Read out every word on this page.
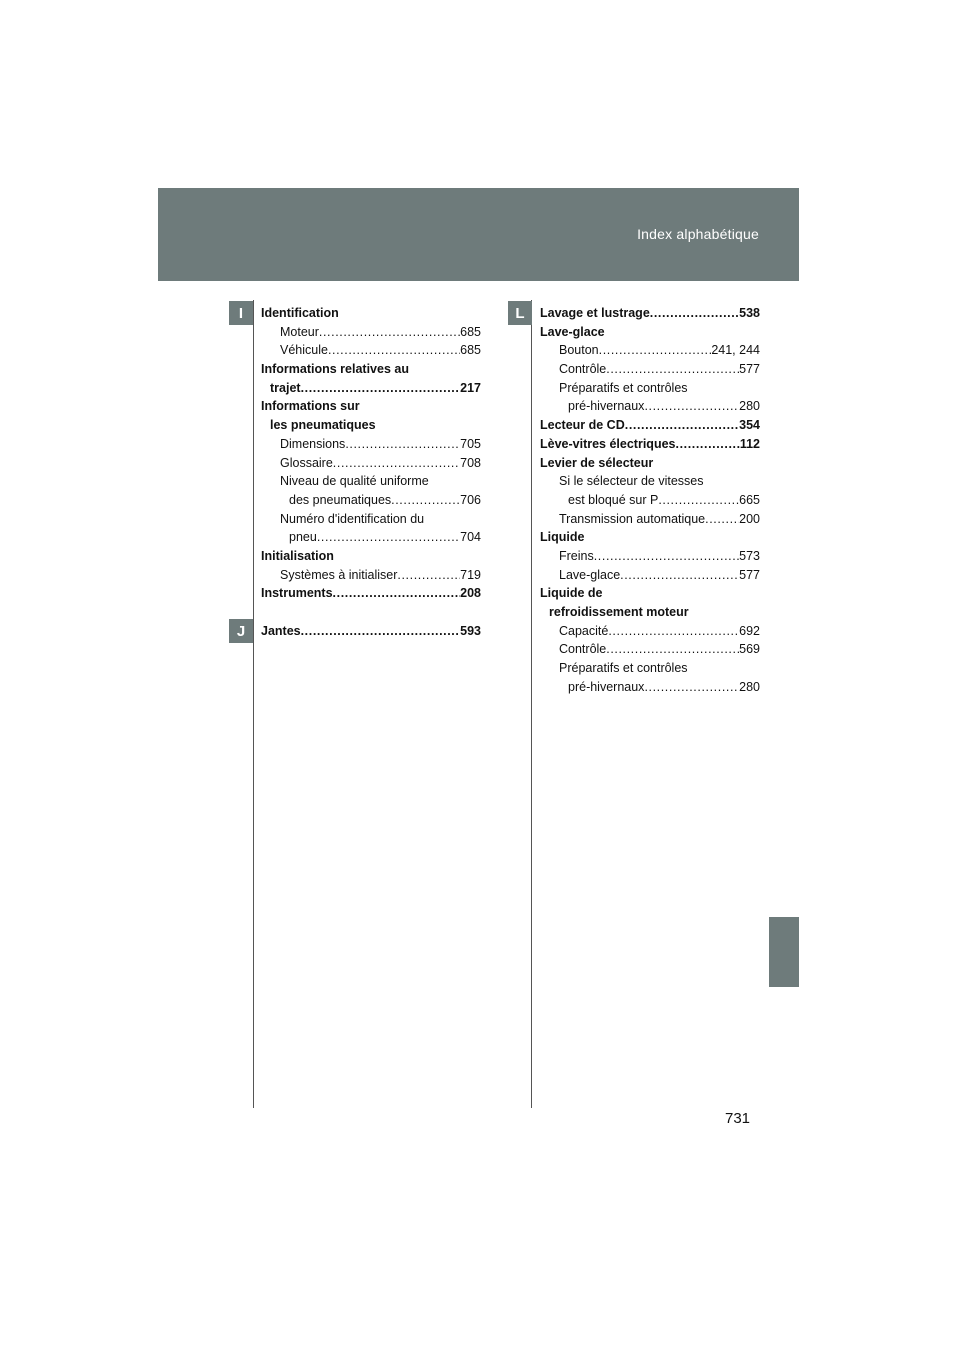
Index alphabétique
I
J
L
Identification
Moteur .....	685
Véhicule .....	685
Informations relatives au
trajet .....	217
Informations sur
les pneumatiques
Dimensions .....	705
Glossaire .....	708
Niveau de qualité uniforme
des pneumatiques .....	706
Numéro d'identification du
pneu .....	704
Initialisation
Systèmes à initialiser .....	719
Instruments .....	208
Jantes .....	593
Lavage et lustrage .....	538
Lave-glace
Bouton .....	241, 244
Contrôle .....	577
Préparatifs et contrôles
pré-hivernaux .....	280
Lecteur de CD .....	354
Lève-vitres électriques .....	112
Levier de sélecteur
Si le sélecteur de vitesses
est bloqué sur P .....	665
Transmission automatique .....	200
Liquide
Freins .....	573
Lave-glace .....	577
Liquide de
refroidissement moteur
Capacité .....	692
Contrôle .....	569
Préparatifs et contrôles
pré-hivernaux .....	280
731
